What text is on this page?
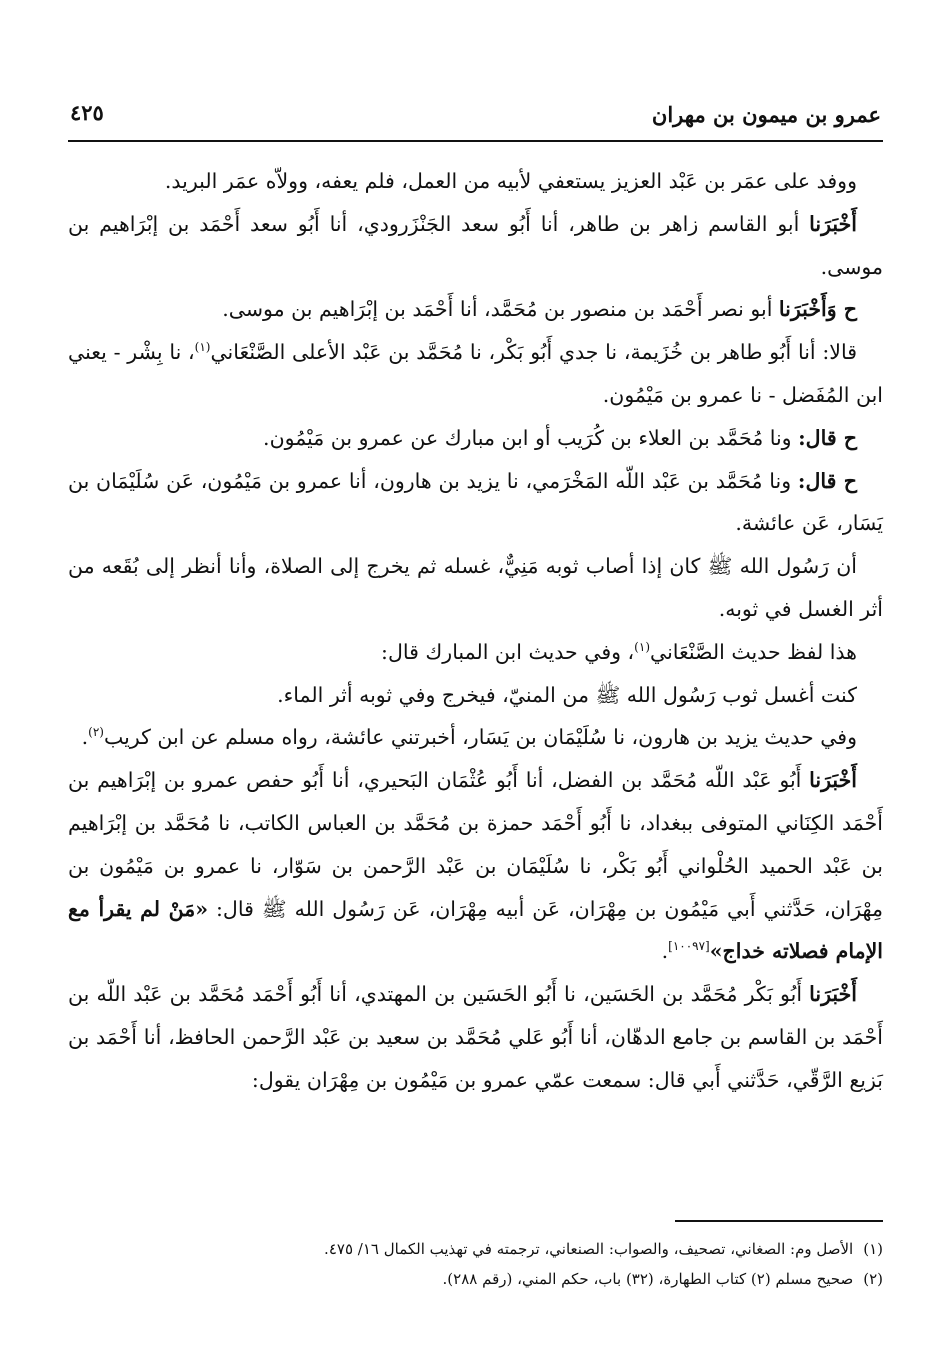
عمرو بن ميمون بن مهران
٤٢٥

ووفد على عمَر بن عَبْد العزيز يستعفي لأبيه من العمل، فلم يعفه، وولاّه عمَر البريد.

أَخْبَرَنا أبو القاسم زاهر بن طاهر، أنا أَبُو سعد الجَنْزَرودي، أنا أَبُو سعد أَحْمَد بن إبْرَاهيم بن موسى.

ح وَأَخْبَرَنا أبو نصر أَحْمَد بن منصور بن مُحَمَّد، أنا أَحْمَد بن إبْرَاهيم بن موسى.

قالا: أنا أَبُو طاهر بن خُزَيمة، نا جدي أَبُو بَكْر، نا مُحَمَّد بن عَبْد الأعلى الصَّنْعَاني$^{(١)}$، نا بِشْر - يعني ابن المُفَضل - نا عمرو بن مَيْمُون.

ح قال: ونا مُحَمَّد بن العلاء بن كُرَيب أو ابن مبارك عن عمرو بن مَيْمُون.

ح قال: ونا مُحَمَّد بن عَبْد اللّه المَخْرَمي، نا يزيد بن هارون، أنا عمرو بن مَيْمُون، عَن سُلَيْمَان بن يَسَار، عَن عائشة.

أن رَسُول الله ﷺ كان إذا أصاب ثوبه مَنِيٌّ، غسله ثم يخرج إلى الصلاة، وأنا أنظر إلى بُقَعه من أثر الغسل في ثوبه.

هذا لفظ حديث الصَّنْعَاني$^{(١)}$، وفي حديث ابن المبارك قال:

كنت أغسل ثوب رَسُول الله ﷺ من المنيّ، فيخرج وفي ثوبه أثر الماء.

وفي حديث يزيد بن هارون، نا سُلَيْمَان بن يَسَار، أخبرتني عائشة، رواه مسلم عن ابن كريب$^{(٢)}$.

أَخْبَرَنا أَبُو عَبْد اللّه مُحَمَّد بن الفضل، أنا أَبُو عُثْمَان البَحيري، أنا أَبُو حفص عمرو بن إبْرَاهيم بن أَحْمَد الكِنَاني المتوفى ببغداد، نا أَبُو أَحْمَد حمزة بن مُحَمَّد بن العباس الكاتب، نا مُحَمَّد بن إبْرَاهيم بن عَبْد الحميد الحُلْواني أَبُو بَكْر، نا سُلَيْمَان بن عَبْد الرَّحمن بن سَوّار، نا عمرو بن مَيْمُون بن مِهْرَان، حَدَّثني أَبي مَيْمُون بن مِهْرَان، عَن أبيه مِهْرَان، عَن رَسُول الله ﷺ قال: «مَنْ لم يقرأ مع الإمام فصلاته خداج»[١٠٠٩٧].

أَخْبَرَنا أَبُو بَكْر مُحَمَّد بن الحَسَين، نا أَبُو الحَسَين بن المهتدي، أنا أَبُو أَحْمَد مُحَمَّد بن عَبْد اللّه بن أَحْمَد بن القاسم بن جامع الدهّان، أنا أَبُو عَلي مُحَمَّد بن سعيد بن عَبْد الرَّحمن الحافظ، أنا أَحْمَد بن بَزيع الرَّقّي، حَدَّثني أَبي قال: سمعت عمّي عمرو بن مَيْمُون بن مِهْرَان يقول:

(١)الأصل وم: الصغاني، تصحيف، والصواب: الصنعاني، ترجمته في تهذيب الكمال ١٦/ ٤٧٥.

(٢)صحيح مسلم (٢) كتاب الطهارة، (٣٢) باب، حكم المني، (رقم ٢٨٨).
